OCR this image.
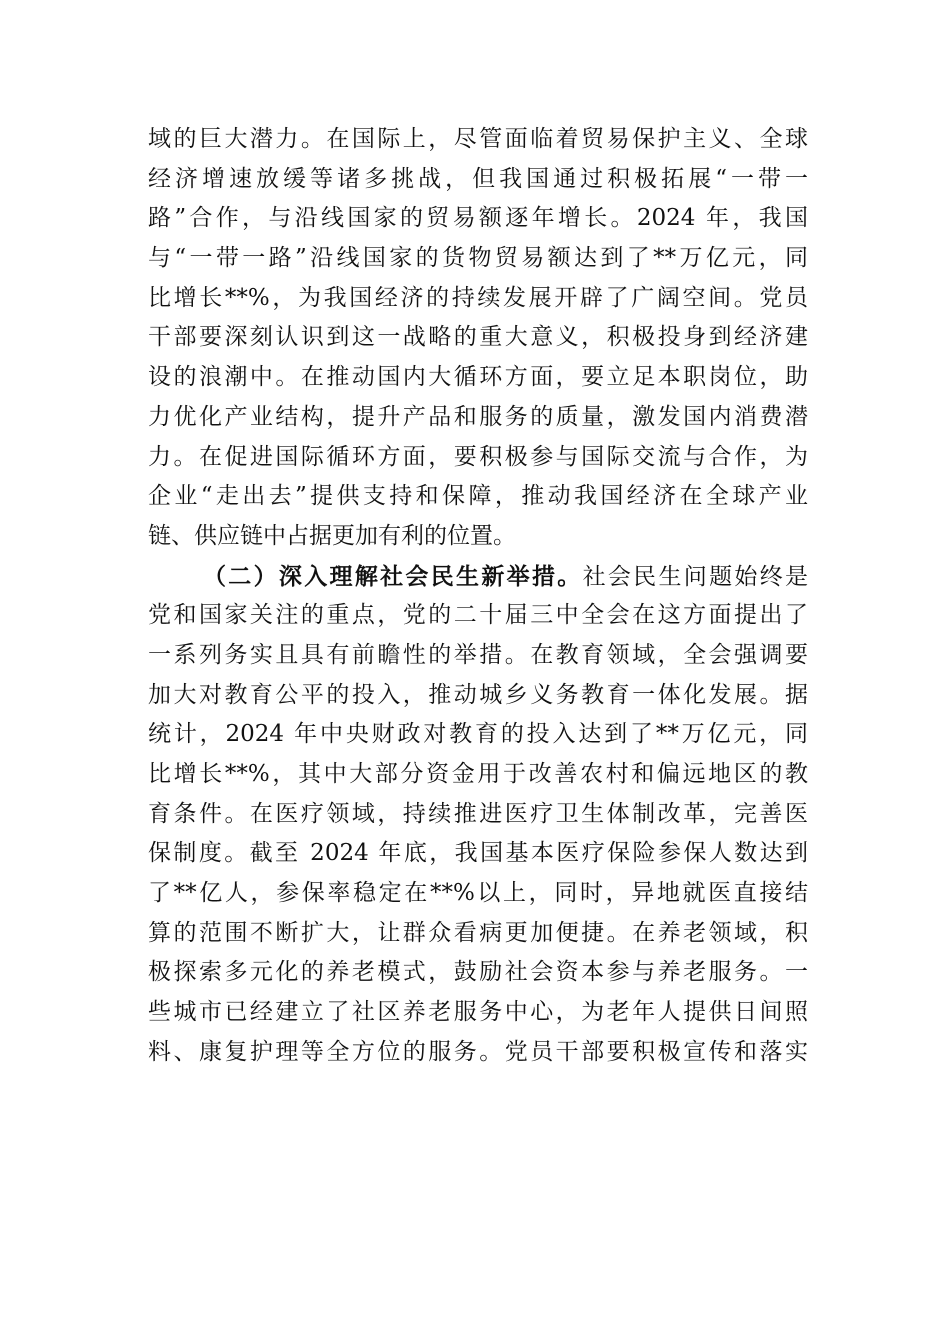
域的巨大潜力。在国际上，尽管面临着贸易保护主义、全球
经济增速放缓等诸多挑战，但我国通过积极拓展“一带一
路”合作，与沿线国家的贸易额逐年增长。2024 年，我国
与“一带一路”沿线国家的货物贸易额达到了**万亿元，同
比增长**%，为我国经济的持续发展开辟了广阔空间。党员
干部要深刻认识到这一战略的重大意义，积极投身到经济建
设的浪潮中。在推动国内大循环方面，要立足本职岗位，助
力优化产业结构，提升产品和服务的质量，激发国内消费潜
力。在促进国际循环方面，要积极参与国际交流与合作，为
企业“走出去”提供支持和保障，推动我国经济在全球产业
链、供应链中占据更加有利的位置。
（二）深入理解社会民生新举措。社会民生问题始终是
党和国家关注的重点，党的二十届三中全会在这方面提出了
一系列务实且具有前瞻性的举措。在教育领域，全会强调要
加大对教育公平的投入，推动城乡义务教育一体化发展。据
统计，2024 年中央财政对教育的投入达到了**万亿元，同
比增长**%，其中大部分资金用于改善农村和偏远地区的教
育条件。在医疗领域，持续推进医疗卫生体制改革，完善医
保制度。截至 2024 年底，我国基本医疗保险参保人数达到
了**亿人，参保率稳定在**%以上，同时，异地就医直接结
算的范围不断扩大，让群众看病更加便捷。在养老领域，积
极探索多元化的养老模式，鼓励社会资本参与养老服务。一
些城市已经建立了社区养老服务中心，为老年人提供日间照
料、康复护理等全方位的服务。党员干部要积极宣传和落实
